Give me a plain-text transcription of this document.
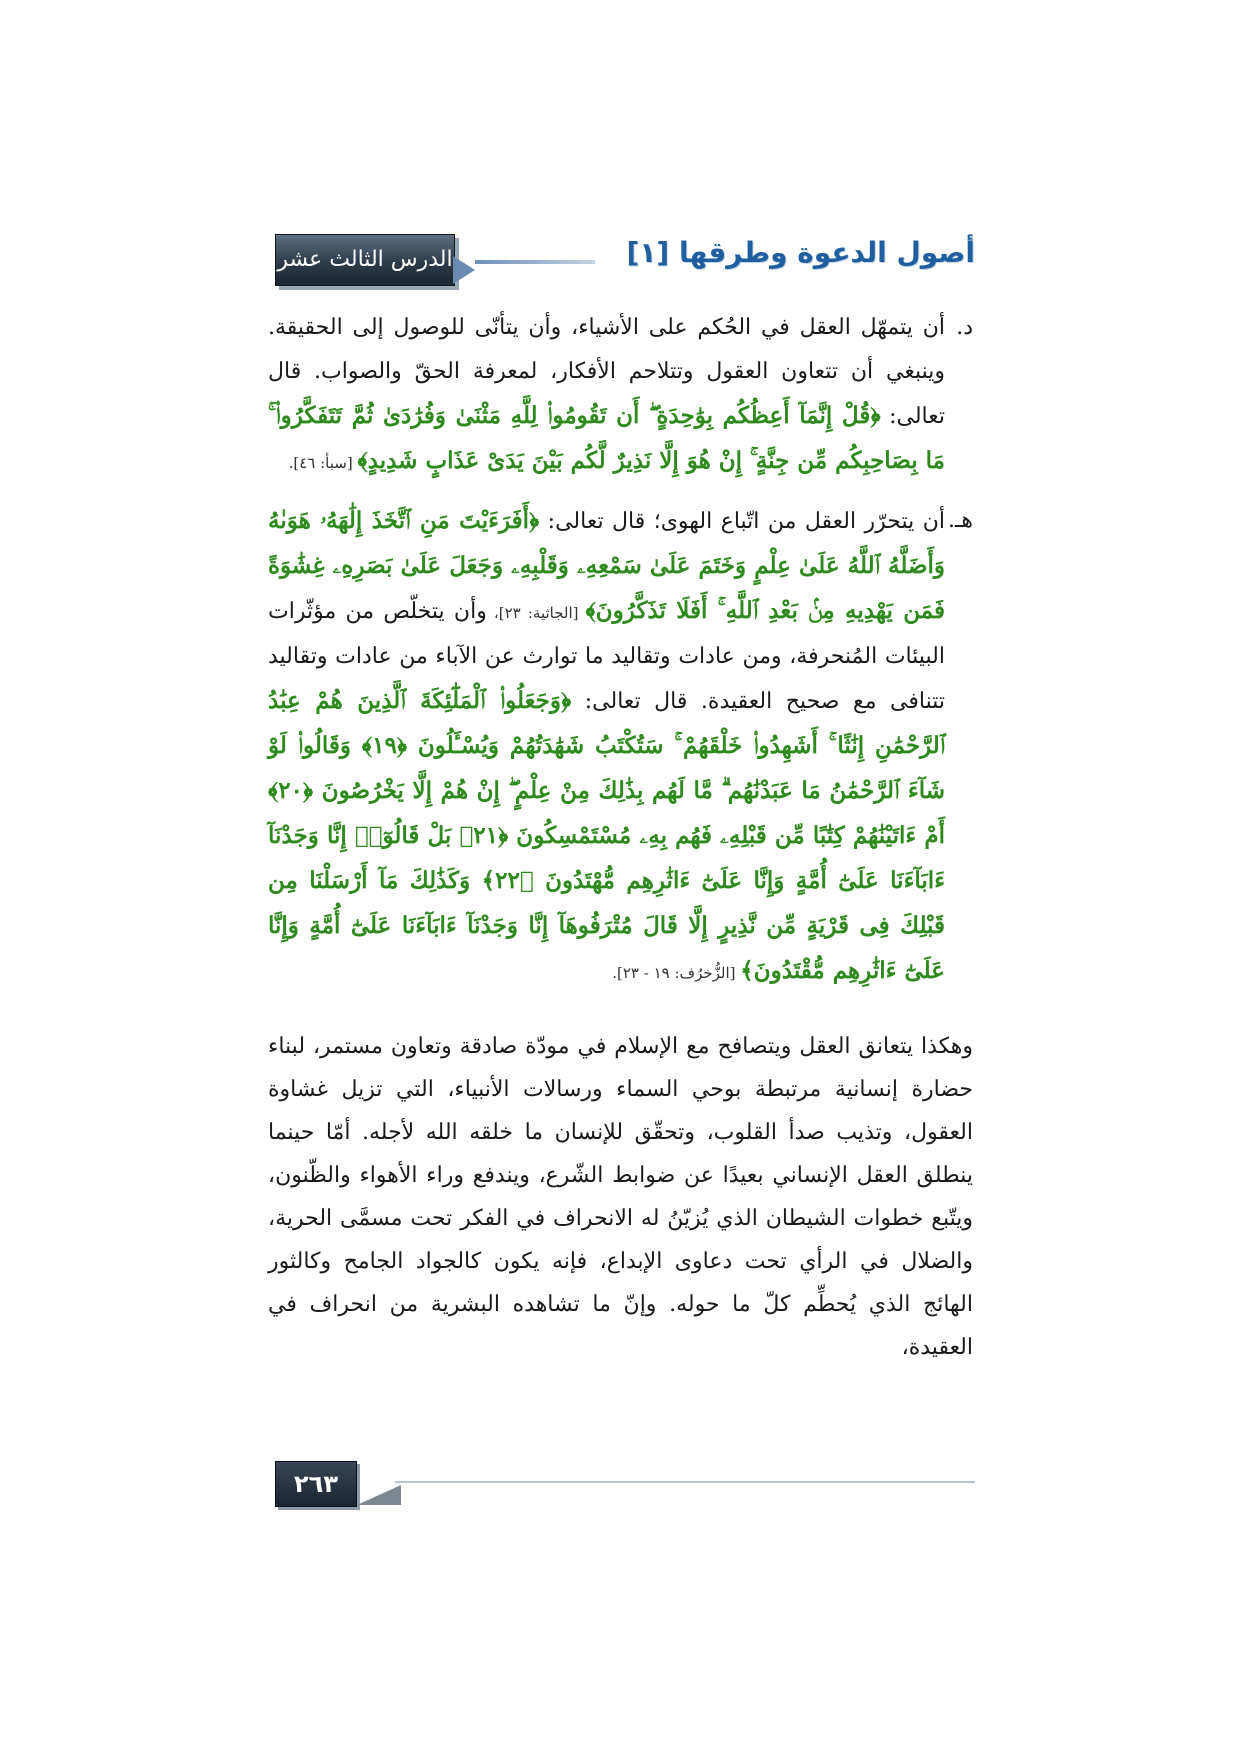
الدرس الثالث عشر	أصول الدعوة وطرقها [١]
د.
أن يتمهّل العقل في الحُكم على الأشياء، وأن يتأنّى للوصول إلى الحقيقة. وينبغي أن تتعاون العقول وتتلاحم الأفكار، لمعرفة الحقّ والصواب. قال تعالى: ﴿قُلْ إِنَّمَآ أَعِظُكُم بِوَٰحِدَةٍ ۖ أَن تَقُومُوا۟ لِلَّهِ مَثْنَىٰ وَفُرَٰدَىٰ ثُمَّ تَتَفَكَّرُوا۟ ۚ مَا بِصَاحِبِكُم مِّن جِنَّةٍ ۚ إِنْ هُوَ إِلَّا نَذِيرٌ لَّكُم بَيْنَ يَدَىْ عَذَابٍ شَدِيدٍ﴾ [سبأ: ٤٦].
هـ.
أن يتحرّر العقل من اتّباع الهوى؛ قال تعالى: ﴿أَفَرَءَيْتَ مَنِ ٱتَّخَذَ إِلَٰهَهُۥ هَوَىٰهُ وَأَضَلَّهُ ٱللَّهُ عَلَىٰ عِلْمٍ وَخَتَمَ عَلَىٰ سَمْعِهِۦ وَقَلْبِهِۦ وَجَعَلَ عَلَىٰ بَصَرِهِۦ غِشَٰوَةً فَمَن يَهْدِيهِ مِنۢ بَعْدِ ٱللَّهِ ۚ أَفَلَا تَذَكَّرُونَ﴾ [الجاثية: ٢٣]، وأن يتخلّص من مؤثّرات البيئات المُنحرفة، ومن عادات وتقاليد ما توارث عن الآباء من عادات وتقاليد تتنافى مع صحيح العقيدة. قال تعالى: ﴿وَجَعَلُوا۟ ٱلْمَلَٰٓئِكَةَ ٱلَّذِينَ هُمْ عِبَٰدُ ٱلرَّحْمَٰنِ إِنَٰثًا ۚ أَشَهِدُوا۟ خَلْقَهُمْ ۚ سَتُكْتَبُ شَهَٰدَتُهُمْ وَيُسْـَٔلُونَ ﴿١٩﴾ وَقَالُوا۟ لَوْ شَآءَ ٱلرَّحْمَٰنُ مَا عَبَدْنَٰهُم ۗ مَّا لَهُم بِذَٰلِكَ مِنْ عِلْمٍ ۖ إِنْ هُمْ إِلَّا يَخْرُصُونَ ﴿٢٠﴾ أَمْ ءَاتَيْنَٰهُمْ كِتَٰبًا مِّن قَبْلِهِۦ فَهُم بِهِۦ مُسْتَمْسِكُونَ ﴿٢١﴾ بَلْ قَالُوٓا۟ إِنَّا وَجَدْنَآ ءَابَآءَنَا عَلَىٰٓ أُمَّةٍ وَإِنَّا عَلَىٰٓ ءَاثَٰرِهِم مُّهْتَدُونَ ﴿٢٢﴾ وَكَذَٰلِكَ مَآ أَرْسَلْنَا مِن قَبْلِكَ فِى قَرْيَةٍ مِّن نَّذِيرٍ إِلَّا قَالَ مُتْرَفُوهَآ إِنَّا وَجَدْنَآ ءَابَآءَنَا عَلَىٰٓ أُمَّةٍ وَإِنَّا عَلَىٰٓ ءَاثَٰرِهِم مُّقْتَدُونَ﴾ [الزُّخرُف: ١٩ - ٢٣].
وهكذا يتعانق العقل ويتصافح مع الإسلام في مودّة صادقة وتعاون مستمر، لبناء حضارة إنسانية مرتبطة بوحي السماء ورسالات الأنبياء، التي تزيل غشاوة العقول، وتذيب صدأ القلوب، وتحقّق للإنسان ما خلقه الله لأجله. أمّا حينما ينطلق العقل الإنساني بعيدًا عن ضوابط الشّرع، ويندفع وراء الأهواء والظّنون، ويتّبع خطوات الشيطان الذي يُزيّنُ له الانحراف في الفكر تحت مسمَّى الحرية، والضلال في الرأي تحت دعاوى الإبداع، فإنه يكون كالجواد الجامح وكالثور الهائج الذي يُحطِّم كلّ ما حوله. وإنّ ما تشاهده البشرية من انحراف في العقيدة،
٢٦٣
